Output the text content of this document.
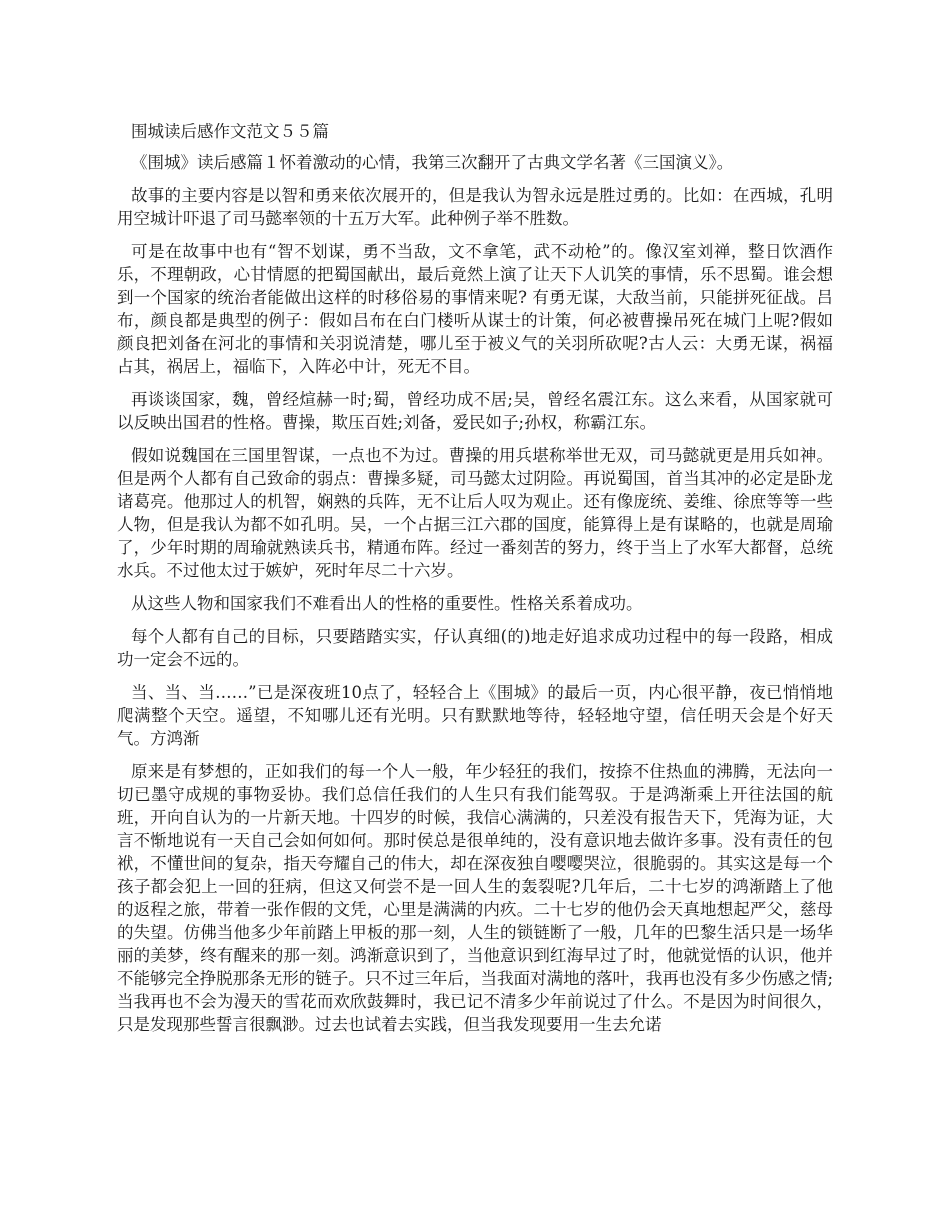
围城读后感作文范文５５篇

《围城》读后感篇１怀着激动的心情，我第三次翻开了古典文学名著《三国演义》。

故事的主要内容是以智和勇来依次展开的，但是我认为智永远是胜过勇的。比如：在西城，孔明用空城计吓退了司马懿率领的十五万大军。此种例子举不胜数。

可是在故事中也有“智不划谋，勇不当敌，文不拿笔，武不动枪”的。像汉室刘禅，整日饮酒作乐，不理朝政，心甘情愿的把蜀国献出，最后竟然上演了让天下人讥笑的事情，乐不思蜀。谁会想到一个国家的统治者能做出这样的时移俗易的事情来呢? 有勇无谋，大敌当前，只能拼死征战。吕布，颜良都是典型的例子：假如吕布在白门楼听从谋士的计策，何必被曹操吊死在城门上呢?假如颜良把刘备在河北的事情和关羽说清楚，哪儿至于被义气的关羽所砍呢?古人云：大勇无谋，祸福占其，祸居上，福临下，入阵必中计，死无不目。

再谈谈国家，魏，曾经煊赫一时;蜀，曾经功成不居;吴，曾经名震江东。这么来看，从国家就可以反映出国君的性格。曹操，欺压百姓;刘备，爱民如子;孙权，称霸江东。

假如说魏国在三国里智谋，一点也不为过。曹操的用兵堪称举世无双，司马懿就更是用兵如神。但是两个人都有自己致命的弱点：曹操多疑，司马懿太过阴险。再说蜀国，首当其冲的必定是卧龙诸葛亮。他那过人的机智，娴熟的兵阵，无不让后人叹为观止。还有像庞统、姜维、徐庶等等一些人物，但是我认为都不如孔明。吴，一个占据三江六郡的国度，能算得上是有谋略的，也就是周瑜了，少年时期的周瑜就熟读兵书，精通布阵。经过一番刻苦的努力，终于当上了水军大都督，总统水兵。不过他太过于嫉妒，死时年尽二十六岁。

从这些人物和国家我们不难看出人的性格的重要性。性格关系着成功。

每个人都有自己的目标，只要踏踏实实，仔认真细(的)地走好追求成功过程中的每一段路，相成功一定会不远的。

当、当、当……”已是深夜班10点了，轻轻合上《围城》的最后一页，内心很平静，夜已悄悄地爬满整个天空。遥望，不知哪儿还有光明。只有默默地等待，轻轻地守望，信任明天会是个好天气。方鸿渐

原来是有梦想的，正如我们的每一个人一般，年少轻狂的我们，按捺不住热血的沸腾，无法向一切已墨守成规的事物妥协。我们总信任我们的人生只有我们能驾驭。于是鸿渐乘上开往法国的航班，开向自认为的一片新天地。十四岁的时候，我信心满满的，只差没有报告天下，凭海为证，大言不惭地说有一天自己会如何如何。那时侯总是很单纯的，没有意识地去做许多事。没有责任的包袱，不懂世间的复杂，指天夸耀自己的伟大，却在深夜独自嘤嘤哭泣，很脆弱的。其实这是每一个孩子都会犯上一回的狂病，但这又何尝不是一回人生的轰裂呢?几年后，二十七岁的鸿渐踏上了他的返程之旅，带着一张作假的文凭，心里是满满的内疚。二十七岁的他仍会天真地想起严父，慈母的失望。仿佛当他多少年前踏上甲板的那一刻，人生的锁链断了一般，几年的巴黎生活只是一场华丽的美梦，终有醒来的那一刻。鸿渐意识到了，当他意识到红海早过了时，他就觉悟的认识，他并不能够完全挣脱那条无形的链子。只不过三年后，当我面对满地的落叶，我再也没有多少伤感之情;当我再也不会为漫天的雪花而欢欣鼓舞时，我已记不清多少年前说过了什么。不是因为时间很久，只是发现那些誓言很飘渺。过去也试着去实践，但当我发现要用一生去允诺
